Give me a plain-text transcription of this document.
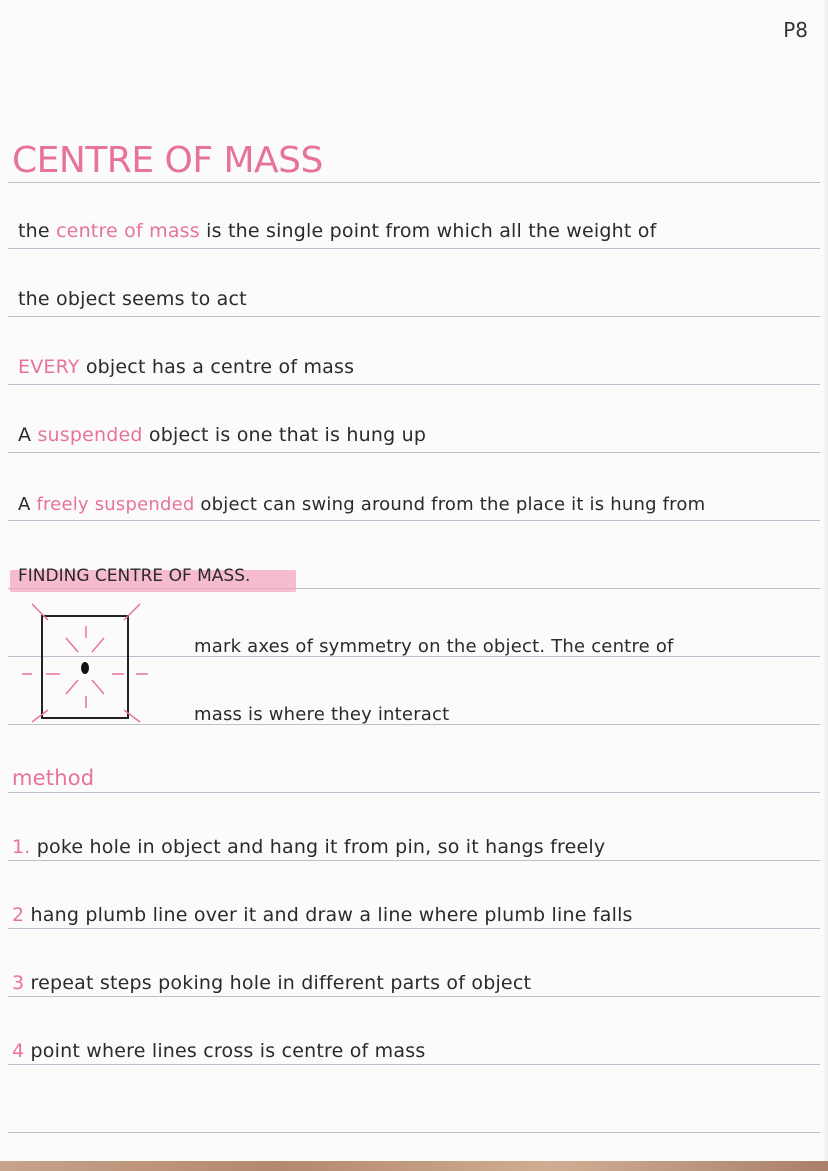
P8
CENTRE OF MASS
the centre of mass is the single point from which all the weight of
the object seems to act
EVERY object has a centre of mass
A suspended object is one that is hung up
A freely suspended object can swing around from the place it is hung from
FINDING CENTRE OF MASS.
mark axes of symmetry on the object. The centre of
mass is where they interact
method
1. poke hole in object and hang it from pin, so it hangs freely
2 hang plumb line over it and draw a line where plumb line falls
3 repeat steps poking hole in different parts of object
4 point where lines cross is centre of mass
